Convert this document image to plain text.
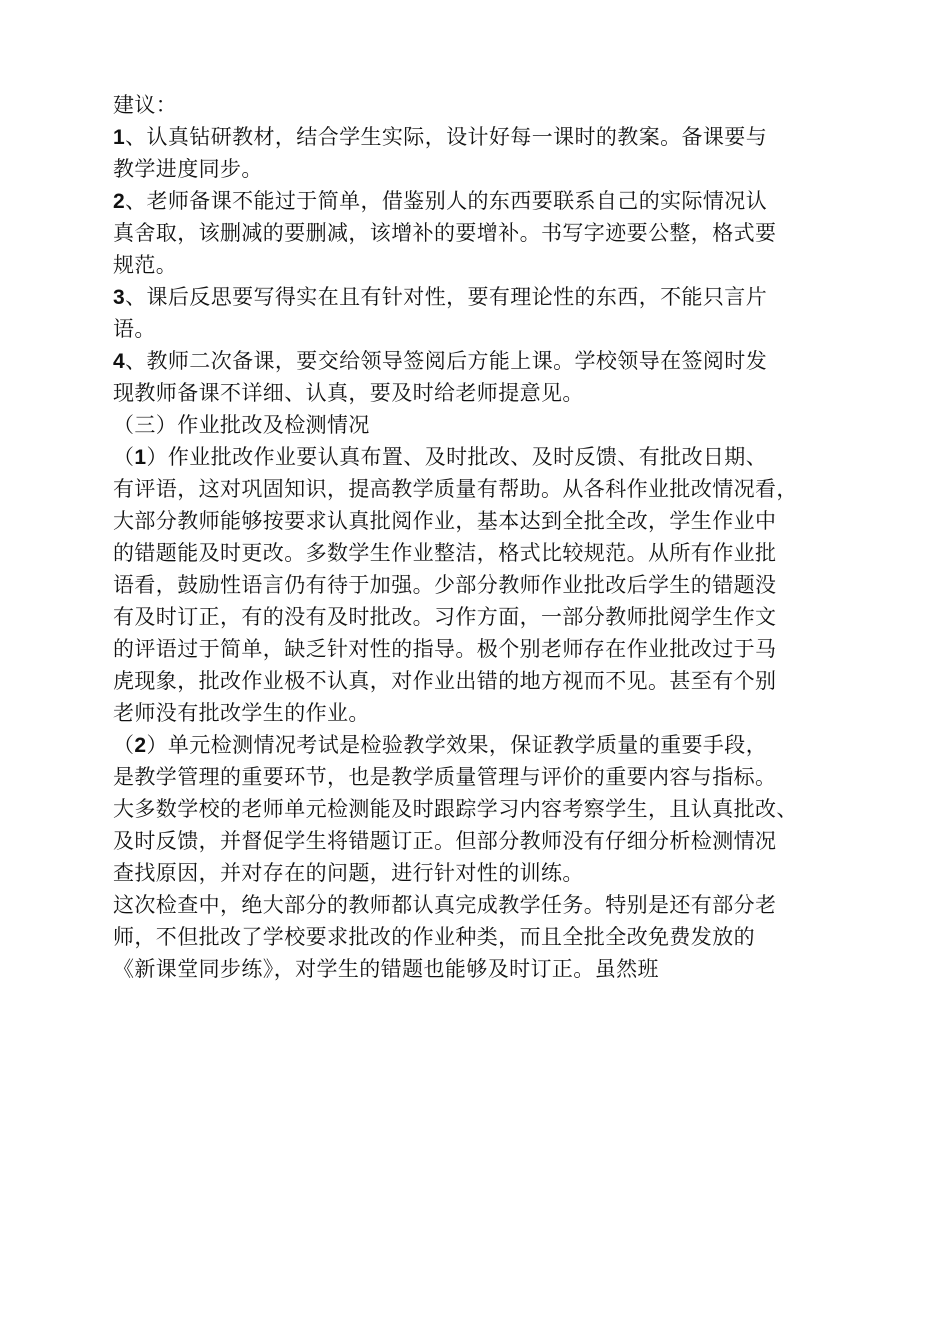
建议：
1、认真钻研教材，结合学生实际，设计好每一课时的教案。备课要与
教学进度同步。
2、老师备课不能过于简单，借鉴别人的东西要联系自己的实际情况认
真舍取，该删减的要删减，该增补的要增补。书写字迹要公整，格式要
规范。
3、课后反思要写得实在且有针对性，要有理论性的东西，不能只言片
语。
4、教师二次备课，要交给领导签阅后方能上课。学校领导在签阅时发
现教师备课不详细、认真，要及时给老师提意见。
（三）作业批改及检测情况
（1）作业批改作业要认真布置、及时批改、及时反馈、有批改日期、
有评语，这对巩固知识，提高教学质量有帮助。从各科作业批改情况看，
大部分教师能够按要求认真批阅作业，基本达到全批全改，学生作业中
的错题能及时更改。多数学生作业整洁，格式比较规范。从所有作业批
语看，鼓励性语言仍有待于加强。少部分教师作业批改后学生的错题没
有及时订正，有的没有及时批改。习作方面，一部分教师批阅学生作文
的评语过于简单，缺乏针对性的指导。极个别老师存在作业批改过于马
虎现象，批改作业极不认真，对作业出错的地方视而不见。甚至有个别
老师没有批改学生的作业。
（2）单元检测情况考试是检验教学效果，保证教学质量的重要手段，
是教学管理的重要环节，也是教学质量管理与评价的重要内容与指标。
大多数学校的老师单元检测能及时跟踪学习内容考察学生，且认真批改、
及时反馈，并督促学生将错题订正。但部分教师没有仔细分析检测情况
查找原因，并对存在的问题，进行针对性的训练。
这次检查中，绝大部分的教师都认真完成教学任务。特别是还有部分老
师，不但批改了学校要求批改的作业种类，而且全批全改免费发放的
《新课堂同步练》，对学生的错题也能够及时订正。虽然班
